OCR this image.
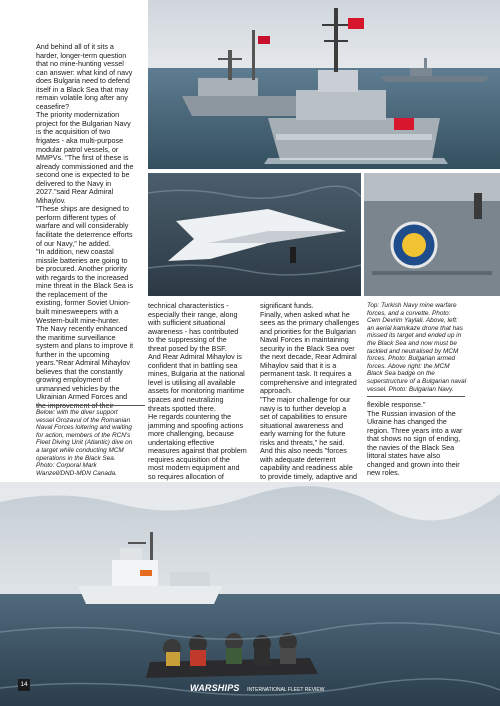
And behind all of it sits a
harder, longer-term question
that no mine-hunting vessel
can answer: what kind of navy
does Bulgaria need to defend
itself in a Black Sea that may
remain volatile long after any
ceasefire?
The priority modernization
project for the Bulgarian Navy
is the acquisition of two
frigates - aka multi-purpose
modular patrol vessels, or
MMPVs. "The first of these is
already commissioned and the
second one is expected to be
delivered to the Navy in
2027."said Rear Admiral
Mihaylov.
"These ships are designed to
perform different types of
warfare and will considerably
facilitate the deterrence efforts
of our Navy," he added.
"In addition, new coastal
missile batteries are going to
be procured. Another priority
with regards to the increased
mine threat in the Black Sea is
the replacement of the
existing, former Soviet Union-
built minesweepers with a
Western-built mine-hunter.
The Navy recently enhanced
the maritime surveillance
system and plans to improve it
further in the upcoming
years."Rear Admiral Mihaylov
believes that the constantly
growing employment of
unmanned vehicles by the
Ukrainian Armed Forces and
the improvement of their

Below: with the diver support
vessel Grozavul of the Romanian
Naval Forces loitering and waiting
for action, members of the RCN's
Fleet Diving Unit (Atlantic) dive on
a target while conducting MCM
operations in the Black Sea.
Photo: Corporal Mark
Wanzell/DND-MDN Canada.

technical characteristics -
especially their range, along
with sufficient situational
awareness - has contributed
to the suppressing of the
threat posed by the BSF.
And Rear Admiral Mihaylov is
confident that in battling sea
mines, Bulgaria at the national
level is utilising all available
assets for monitoring maritime
spaces and neutralizing
threats spotted there.
He regards countering the
jamming and spoofing actions
more challenging, because
undertaking effective
measures against that problem
requires acquisition of the
most modern equipment and
so requires allocation of

significant funds.
Finally, when asked what he
sees as the primary challenges
and priorities for the Bulgarian
Naval Forces in maintaining
security in the Black Sea over
the next decade, Rear Admiral
Mihaylov said that it is a
permanent task. It requires a
comprehensive and integrated
approach.
"The major challenge for our
navy is to further develop a
set of capabilities to ensure
situational awareness and
early warning for the future
risks and threats," he said.
And this also needs "forces
with adequate deterrent
capability and readiness able
to provide timely, adaptive and

Top: Turkish Navy mine warfare
forces, and a corvette. Photo:
Cem Devrim Yaylali. Above, left:
an aerial kamikaze drone that has
missed its target and ended up in
the Black Sea and now must be
tackled and neutralised by MCM
forces. Photo: Bulgarian armed
forces. Above right: the MCM
Black Sea badge on the
superstructure of a Bulgarian naval
vessel. Photo: Bulgarian Navy.

flexible response."
The Russian invasion of the
Ukraine has changed the
region. Three years into a war
that shows no sign of ending,
the navies of the Black Sea
littoral states have also
changed and grown into their
new roles.

14	WARSHIPS INTERNATIONAL FLEET REVIEW
